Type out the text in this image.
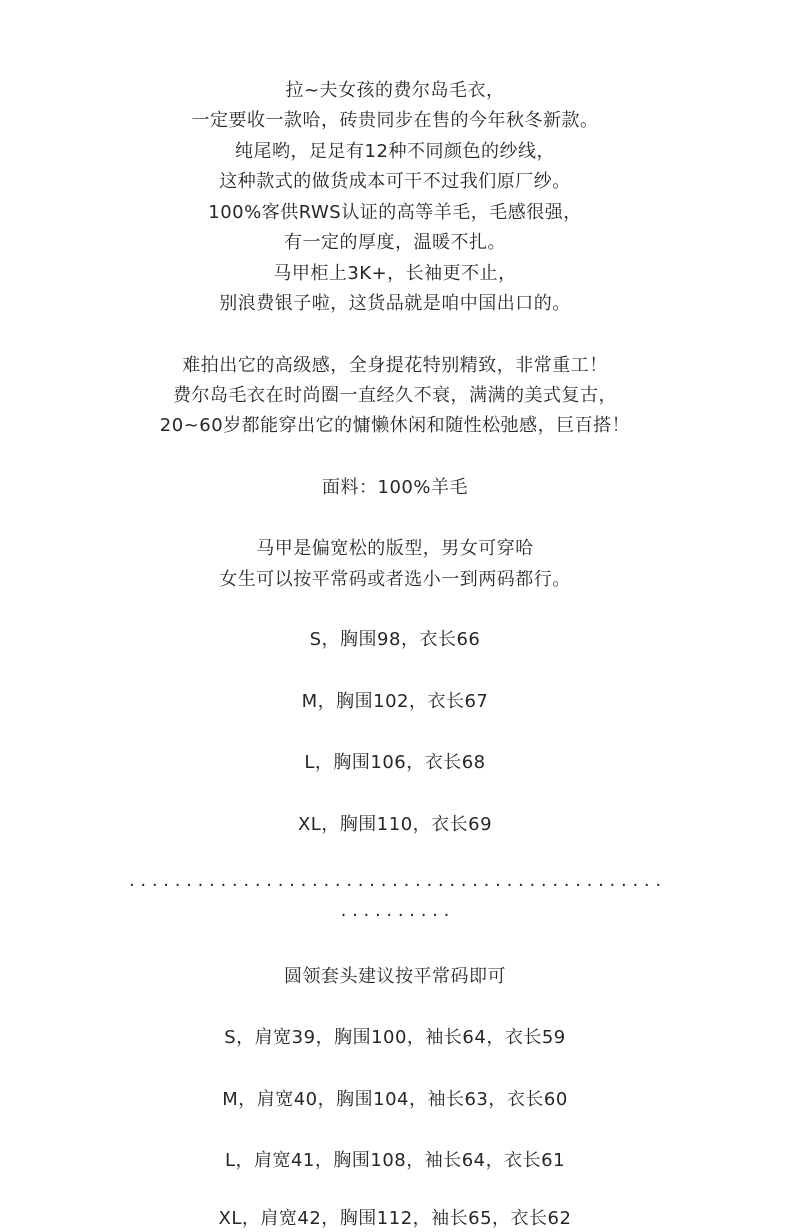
拉~夫女孩的费尔岛毛衣，
一定要收一款哈，砖贵同步在售的今年秋冬新款。
纯尾哟，足足有12种不同颜色的纱线，
这种款式的做货成本可干不过我们原厂纱。
100%客供RWS认证的高等羊毛，毛感很强，
有一定的厚度，温暖不扎。
马甲柜上3K+，长袖更不止，
别浪费银子啦，这货品就是咱中国出口的。
难拍出它的高级感，全身提花特别精致，非常重工！
费尔岛毛衣在时尚圈一直经久不衰，满满的美式复古，
20~60岁都能穿出它的慵懒休闲和随性松弛感，巨百搭！
面料：100%羊毛
马甲是偏宽松的版型，男女可穿哈
女生可以按平常码或者选小一到两码都行。
S，胸围98，衣长66
M，胸围102，衣长67
L，胸围106，衣长68
XL，胸围110，衣长69
. . . . . . . . . . . . . . . . . . . . . . . . . . . . . . . . . . . . . . . . . . . . . . .
. . . . . . . . . .
圆领套头建议按平常码即可
S，肩宽39，胸围100，袖长64，衣长59
M，肩宽40，胸围104，袖长63，衣长60
L，肩宽41，胸围108，袖长64，衣长61
XL，肩宽42，胸围112，袖长65，衣长62
